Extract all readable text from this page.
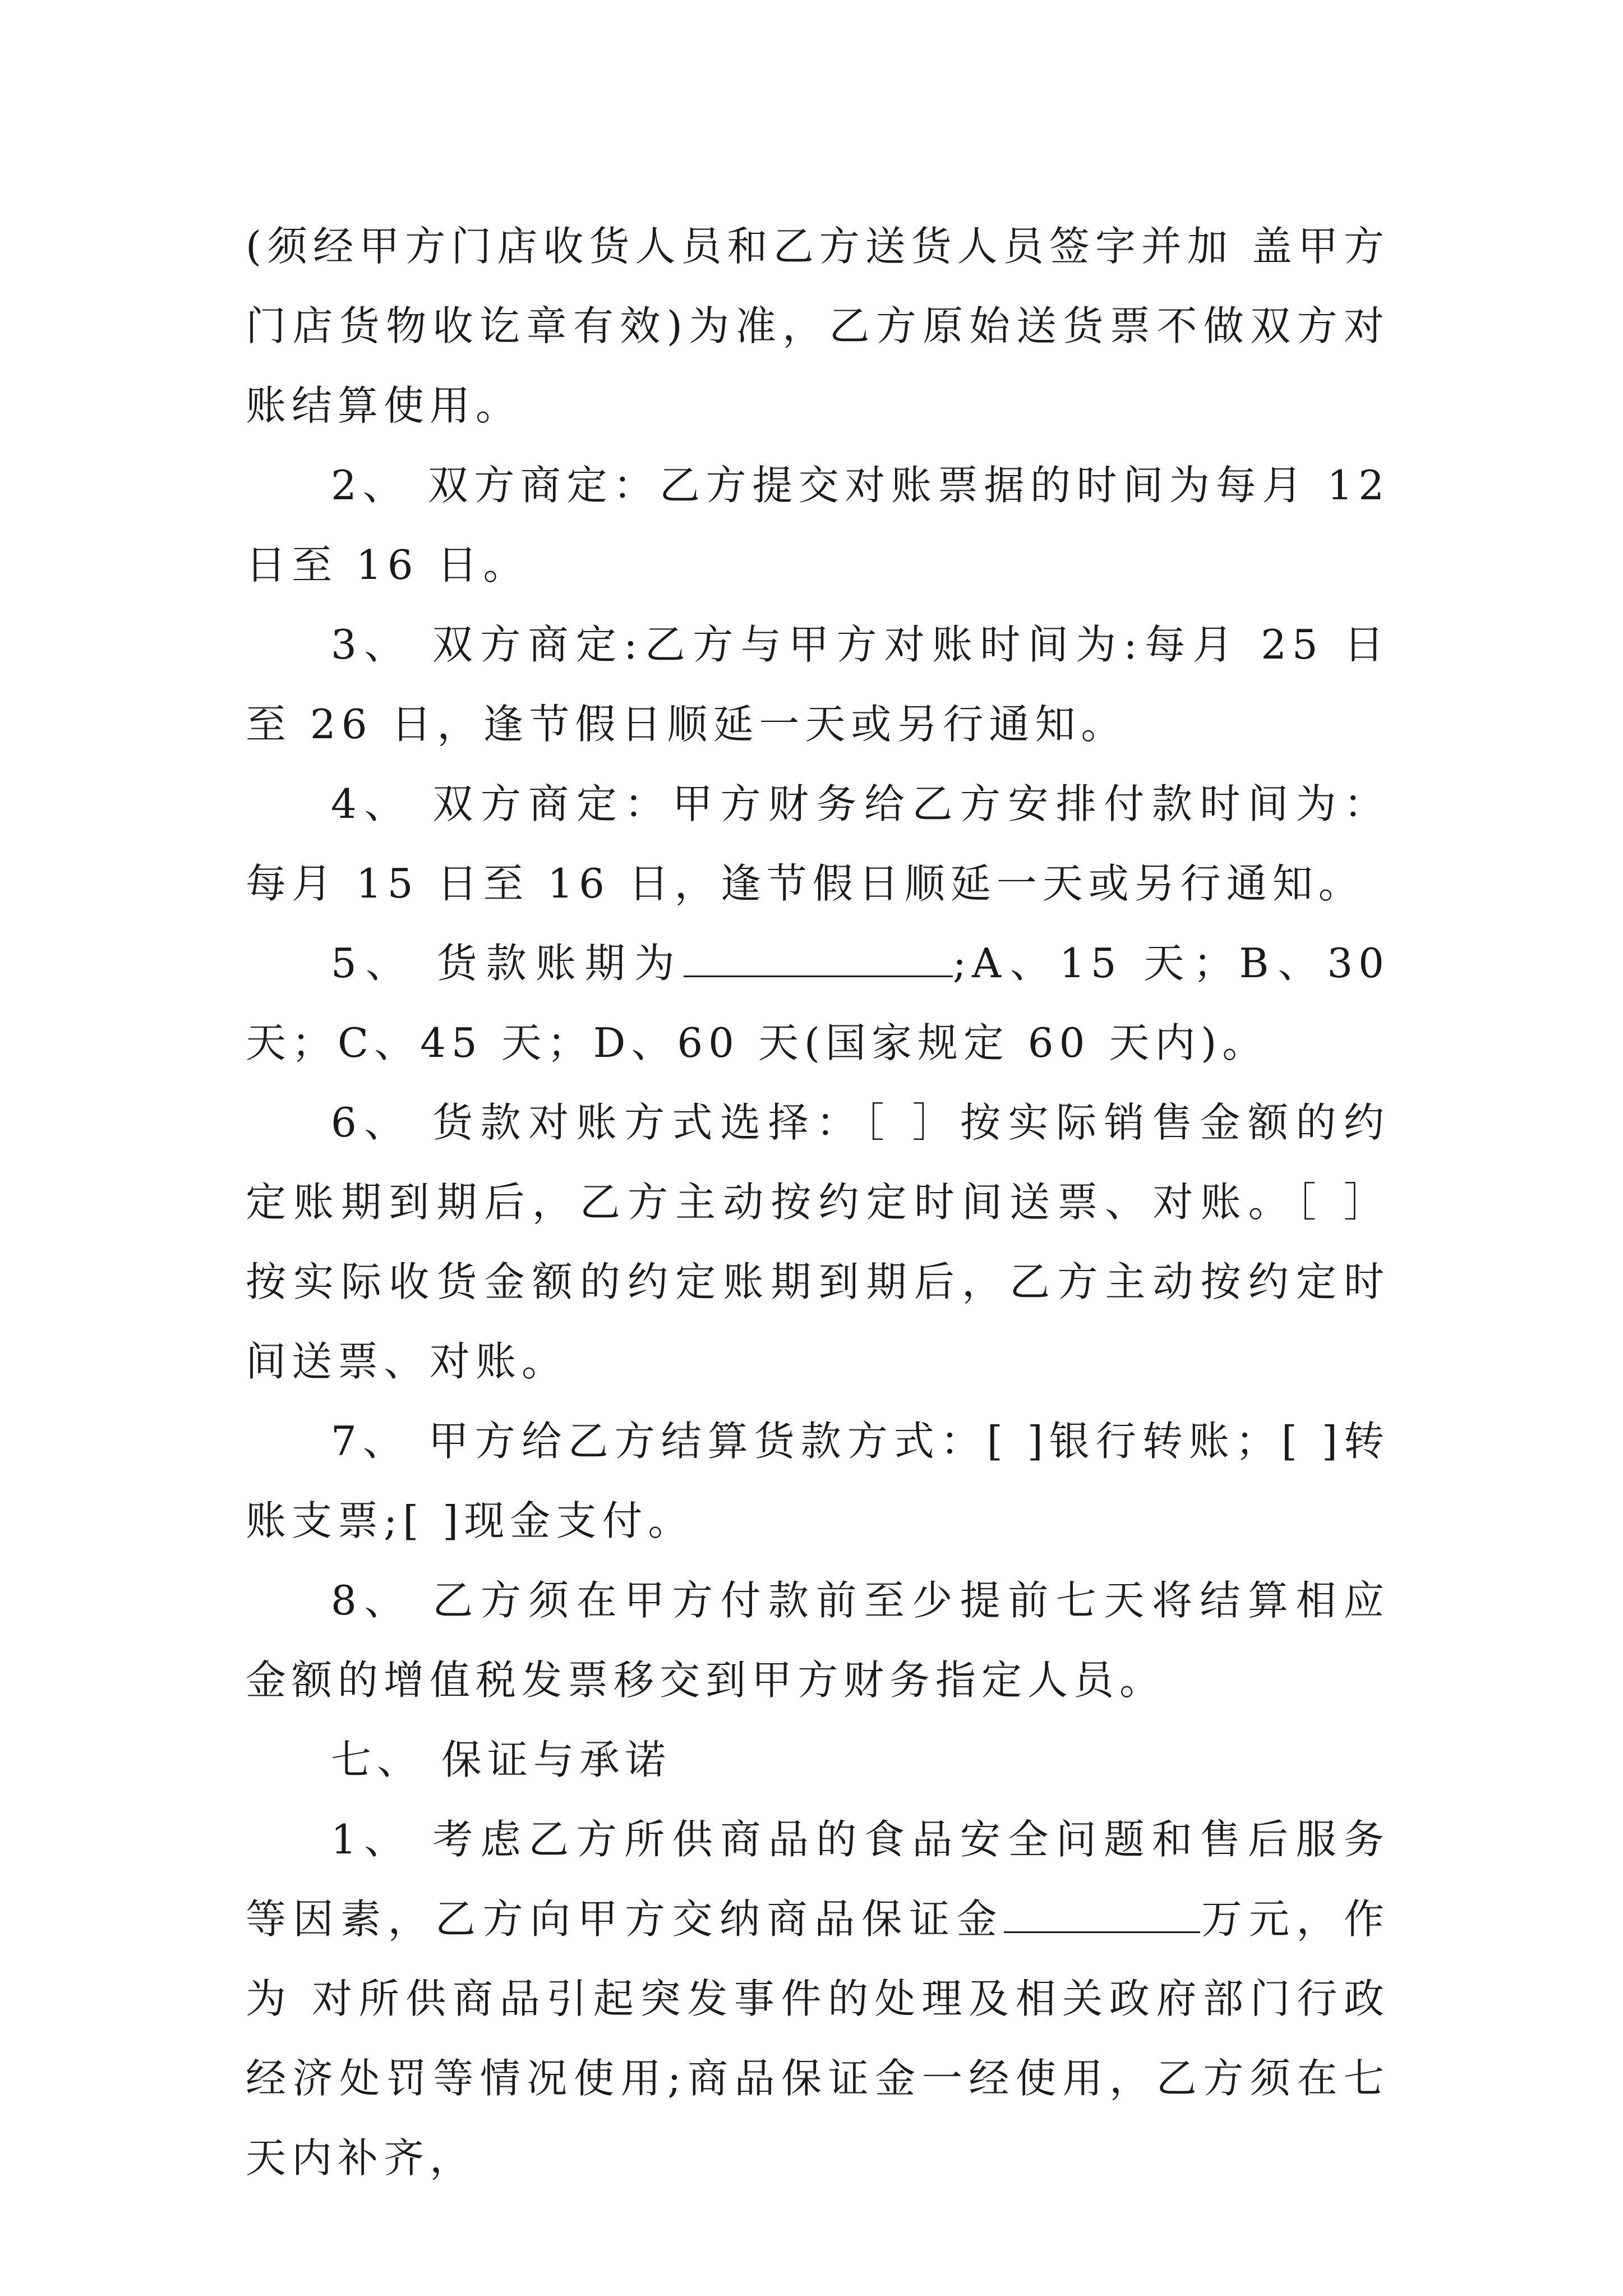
(须经甲方门店收货人员和乙方送货人员签字并加 盖甲方门店货物收讫章有效)为准，乙方原始送货票不做双方对账结算使用。

2、 双方商定：乙方提交对账票据的时间为每月 12 日至 16 日。

3、 双方商定:乙方与甲方对账时间为:每月 25 日至 26 日，逢节假日顺延一天或另行通知。

4、 双方商定：甲方财务给乙方安排付款时间为：每月 15 日至 16 日，逢节假日顺延一天或另行通知。

5、 货款账期为	;A、15 天；B、30 天；C、45 天；D、60 天(国家规定 60 天内)。

6、 货款对账方式选择：［ ］按实际销售金额的约定账期到期后，乙方主动按约定时间送票、对账。［ ］按实际收货金额的约定账期到期后，乙方主动按约定时间送票、对账。

7、 甲方给乙方结算货款方式：[ ]银行转账；[ ]转账支票;[ ]现金支付。

8、 乙方须在甲方付款前至少提前七天将结算相应金额的增值税发票移交到甲方财务指定人员。

七、 保证与承诺

1、 考虑乙方所供商品的食品安全问题和售后服务等因素，乙方向甲方交纳商品保证金	万元，作为 对所供商品引起突发事件的处理及相关政府部门行政经济处罚等情况使用;商品保证金一经使用，乙方须在七天内补齐，
